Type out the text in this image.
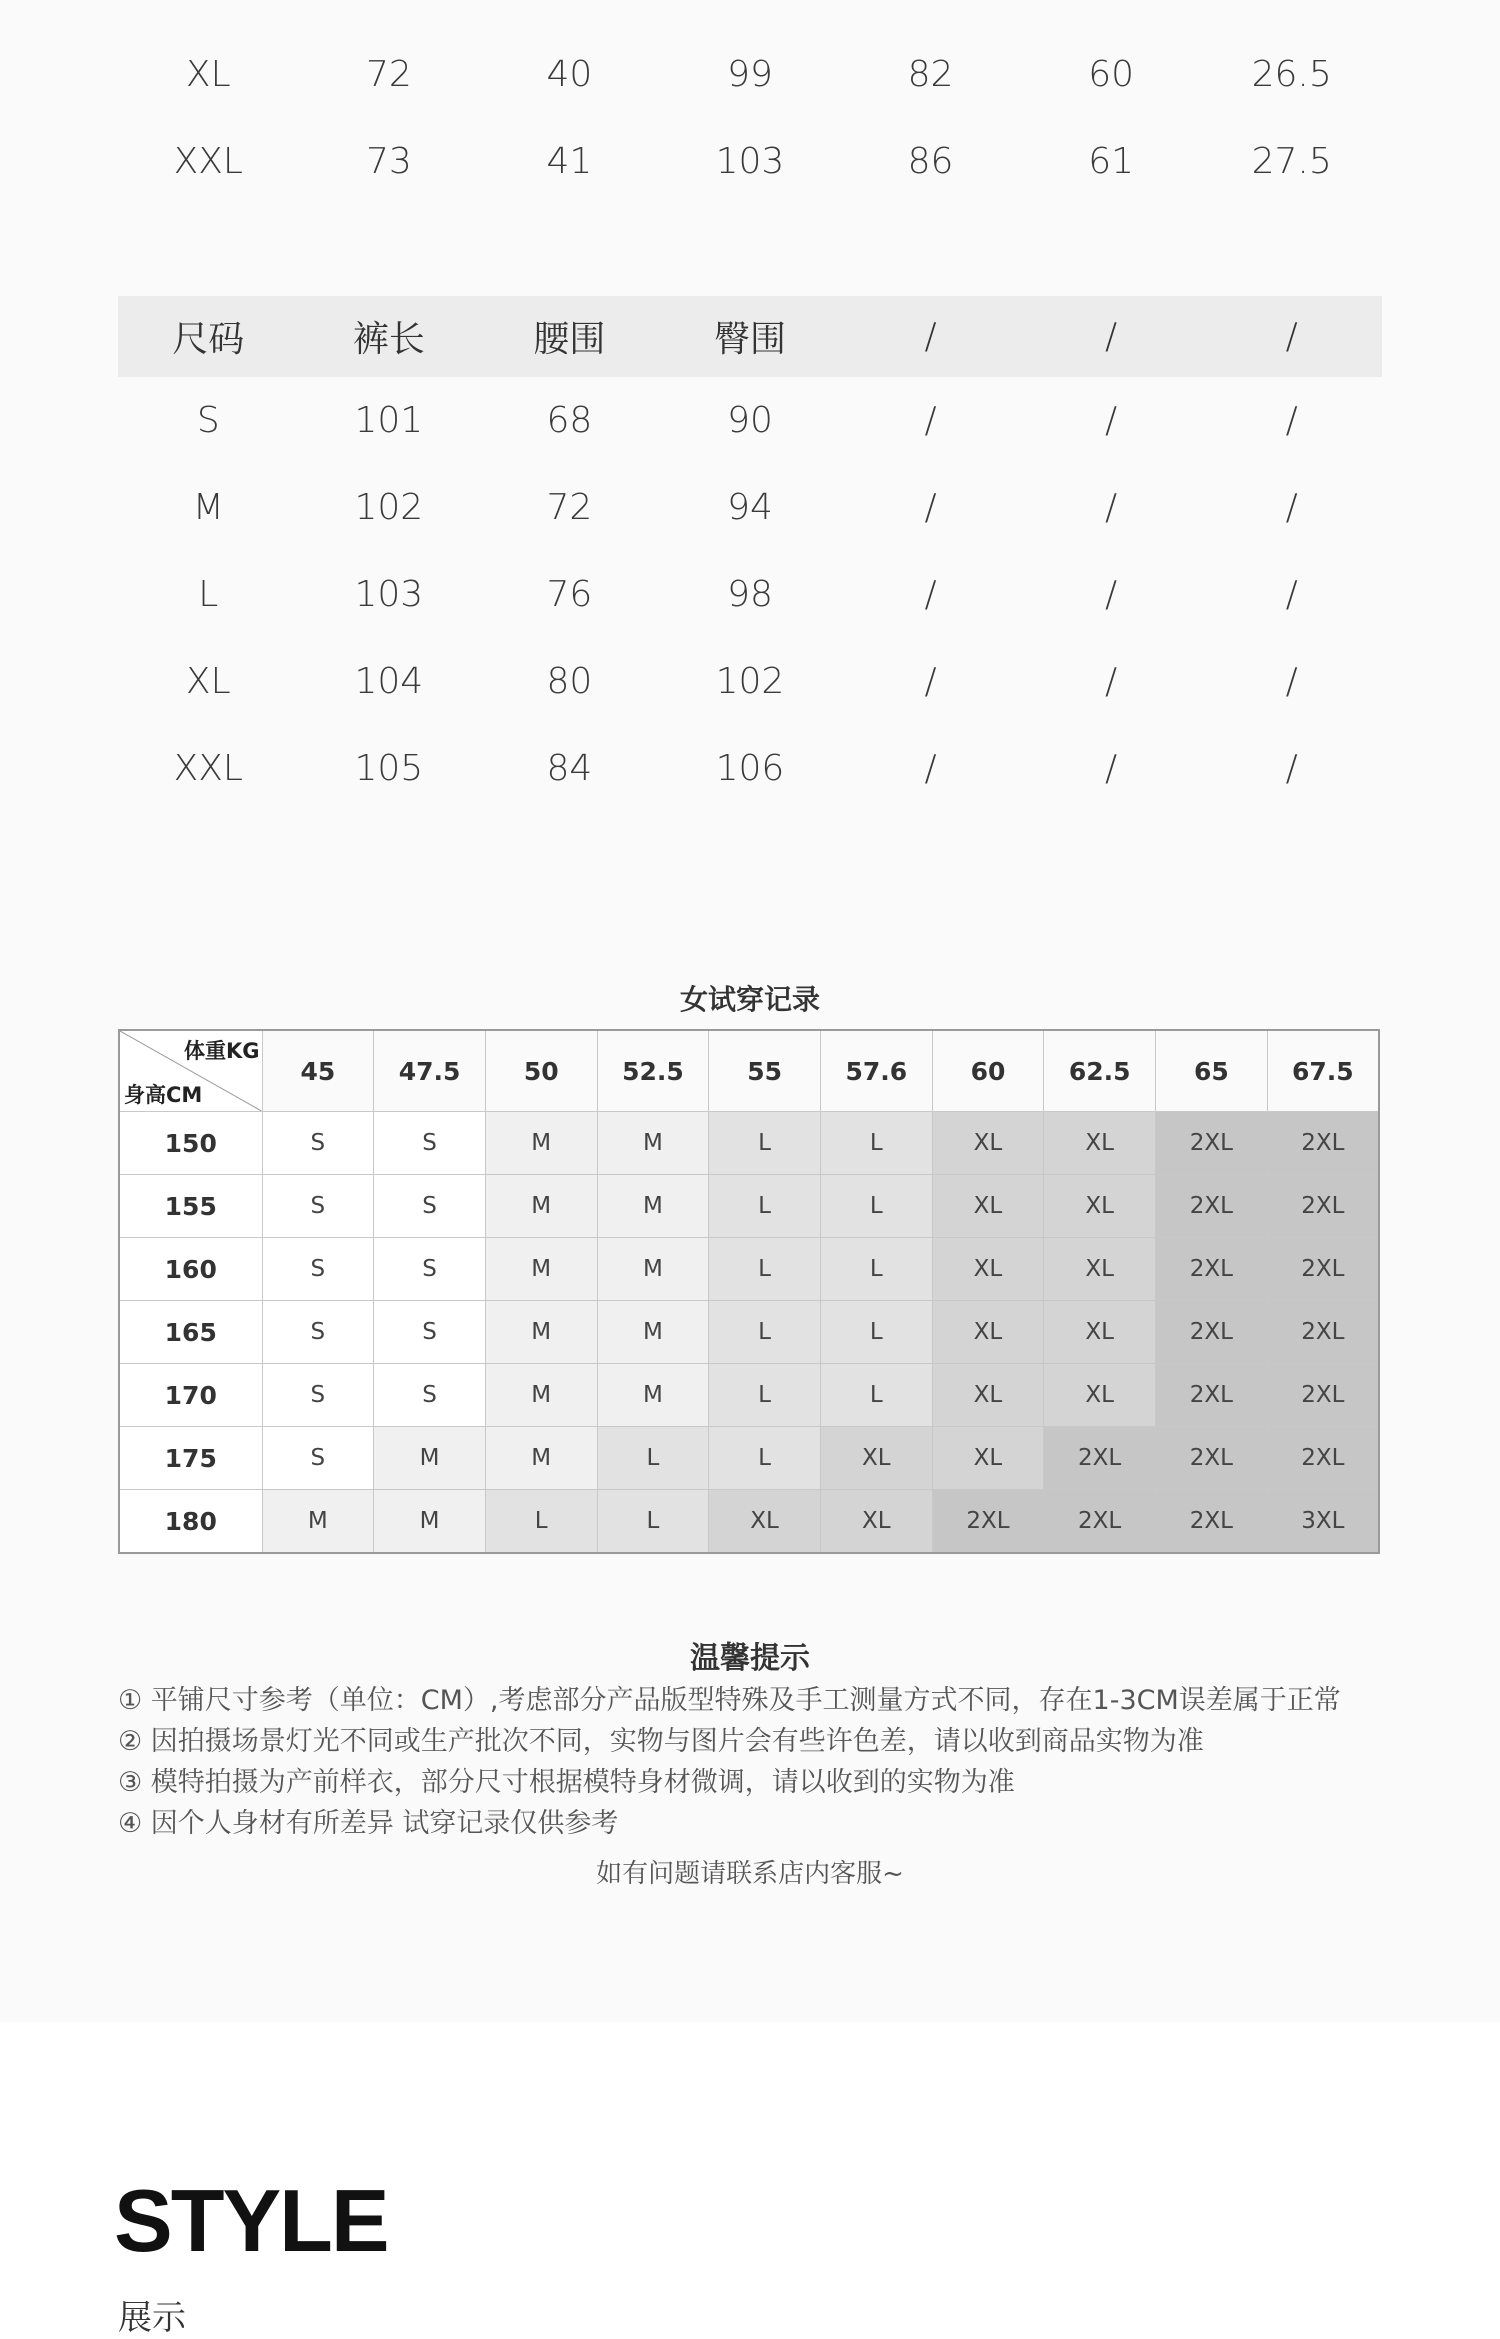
XL	72	40	99	82	60	26.5
XXL	73	41	103	86	61	27.5
尺码	裤长	腰围	臀围	/	/	/
S	101	68	90	/	/	/
M	102	72	94	/	/	/
L	103	76	98	/	/	/
XL	104	80	102	/	/	/
XXL	105	84	106	/	/	/
女试穿记录
体重KG
身高CM	45	47.5	50	52.5	55	57.6	60	62.5	65	67.5
150	S	S	M	M	L	L	XL	XL	2XL	2XL
155	S	S	M	M	L	L	XL	XL	2XL	2XL
160	S	S	M	M	L	L	XL	XL	2XL	2XL
165	S	S	M	M	L	L	XL	XL	2XL	2XL
170	S	S	M	M	L	L	XL	XL	2XL	2XL
175	S	M	M	L	L	XL	XL	2XL	2XL	2XL
180	M	M	L	L	XL	XL	2XL	2XL	2XL	3XL
温馨提示
① 平铺尺寸参考（单位：CM）,考虑部分产品版型特殊及手工测量方式不同，存在1-3CM误差属于正常
② 因拍摄场景灯光不同或生产批次不同，实物与图片会有些许色差，请以收到商品实物为准
③ 模特拍摄为产前样衣，部分尺寸根据模特身材微调，请以收到的实物为准
④ 因个人身材有所差异 试穿记录仅供参考
如有问题请联系店内客服~
STYLE
展示
